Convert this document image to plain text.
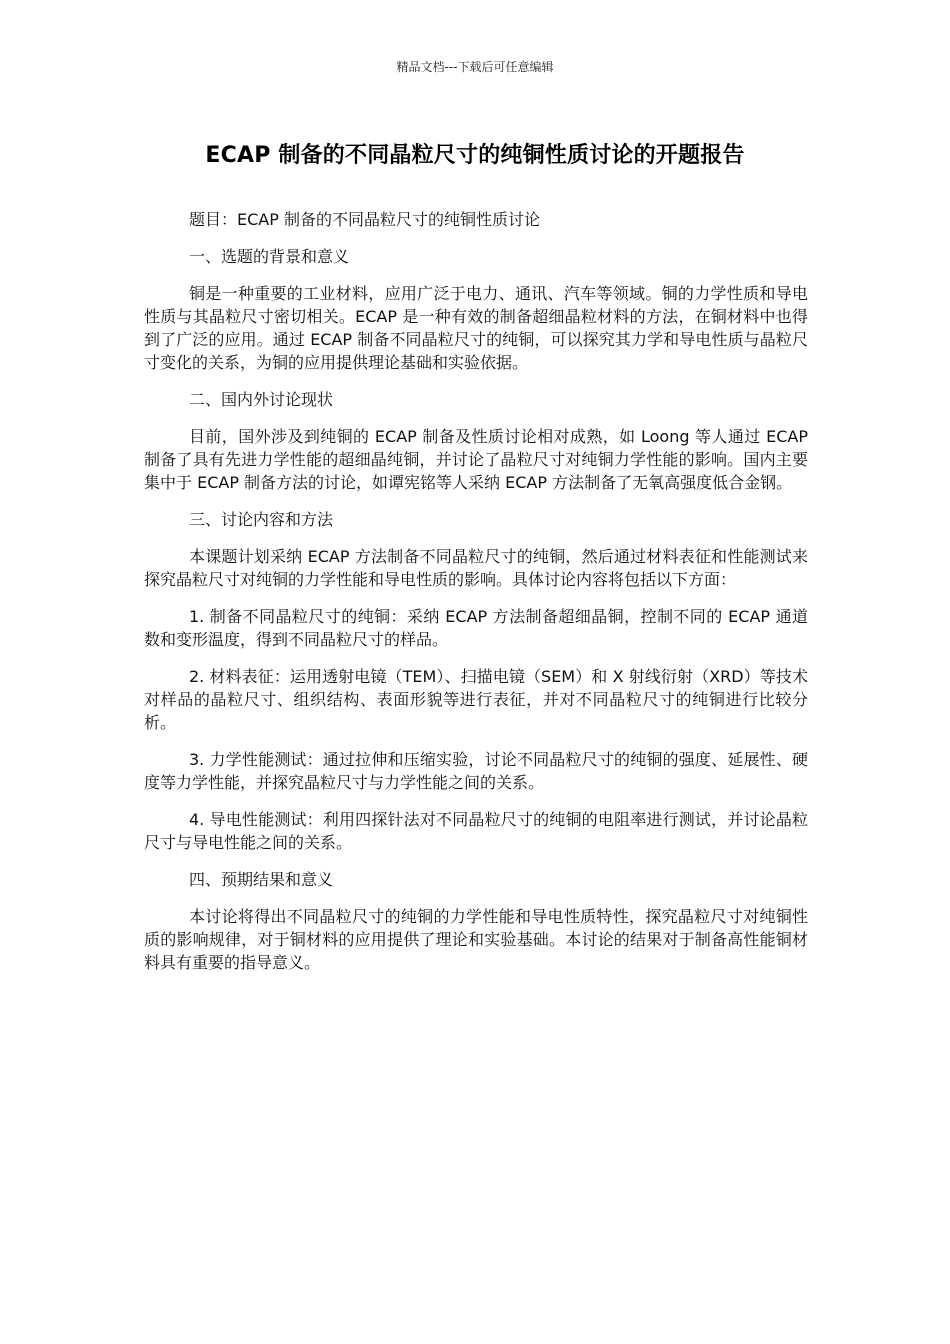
精品文档---下载后可任意编辑
ECAP 制备的不同晶粒尺寸的纯铜性质讨论的开题报告

题目：ECAP 制备的不同晶粒尺寸的纯铜性质讨论

一、选题的背景和意义

铜是一种重要的工业材料，应用广泛于电力、通讯、汽车等领域。铜的力学性质和导电性质与其晶粒尺寸密切相关。ECAP 是一种有效的制备超细晶粒材料的方法，在铜材料中也得到了广泛的应用。通过 ECAP 制备不同晶粒尺寸的纯铜，可以探究其力学和导电性质与晶粒尺寸变化的关系，为铜的应用提供理论基础和实验依据。

二、国内外讨论现状

目前，国外涉及到纯铜的 ECAP 制备及性质讨论相对成熟，如 Loong 等人通过 ECAP 制备了具有先进力学性能的超细晶纯铜，并讨论了晶粒尺寸对纯铜力学性能的影响。国内主要集中于 ECAP 制备方法的讨论，如谭宪铭等人采纳 ECAP 方法制备了无氧高强度低合金钢。

三、讨论内容和方法

本课题计划采纳 ECAP 方法制备不同晶粒尺寸的纯铜，然后通过材料表征和性能测试来探究晶粒尺寸对纯铜的力学性能和导电性质的影响。具体讨论内容将包括以下方面：

1. 制备不同晶粒尺寸的纯铜：采纳 ECAP 方法制备超细晶铜，控制不同的 ECAP 通道数和变形温度，得到不同晶粒尺寸的样品。

2. 材料表征：运用透射电镜（TEM）、扫描电镜（SEM）和 X 射线衍射（XRD）等技术对样品的晶粒尺寸、组织结构、表面形貌等进行表征，并对不同晶粒尺寸的纯铜进行比较分析。

3. 力学性能测试：通过拉伸和压缩实验，讨论不同晶粒尺寸的纯铜的强度、延展性、硬度等力学性能，并探究晶粒尺寸与力学性能之间的关系。

4. 导电性能测试：利用四探针法对不同晶粒尺寸的纯铜的电阻率进行测试，并讨论晶粒尺寸与导电性能之间的关系。

四、预期结果和意义

本讨论将得出不同晶粒尺寸的纯铜的力学性能和导电性质特性，探究晶粒尺寸对纯铜性质的影响规律，对于铜材料的应用提供了理论和实验基础。本讨论的结果对于制备高性能铜材料具有重要的指导意义。
